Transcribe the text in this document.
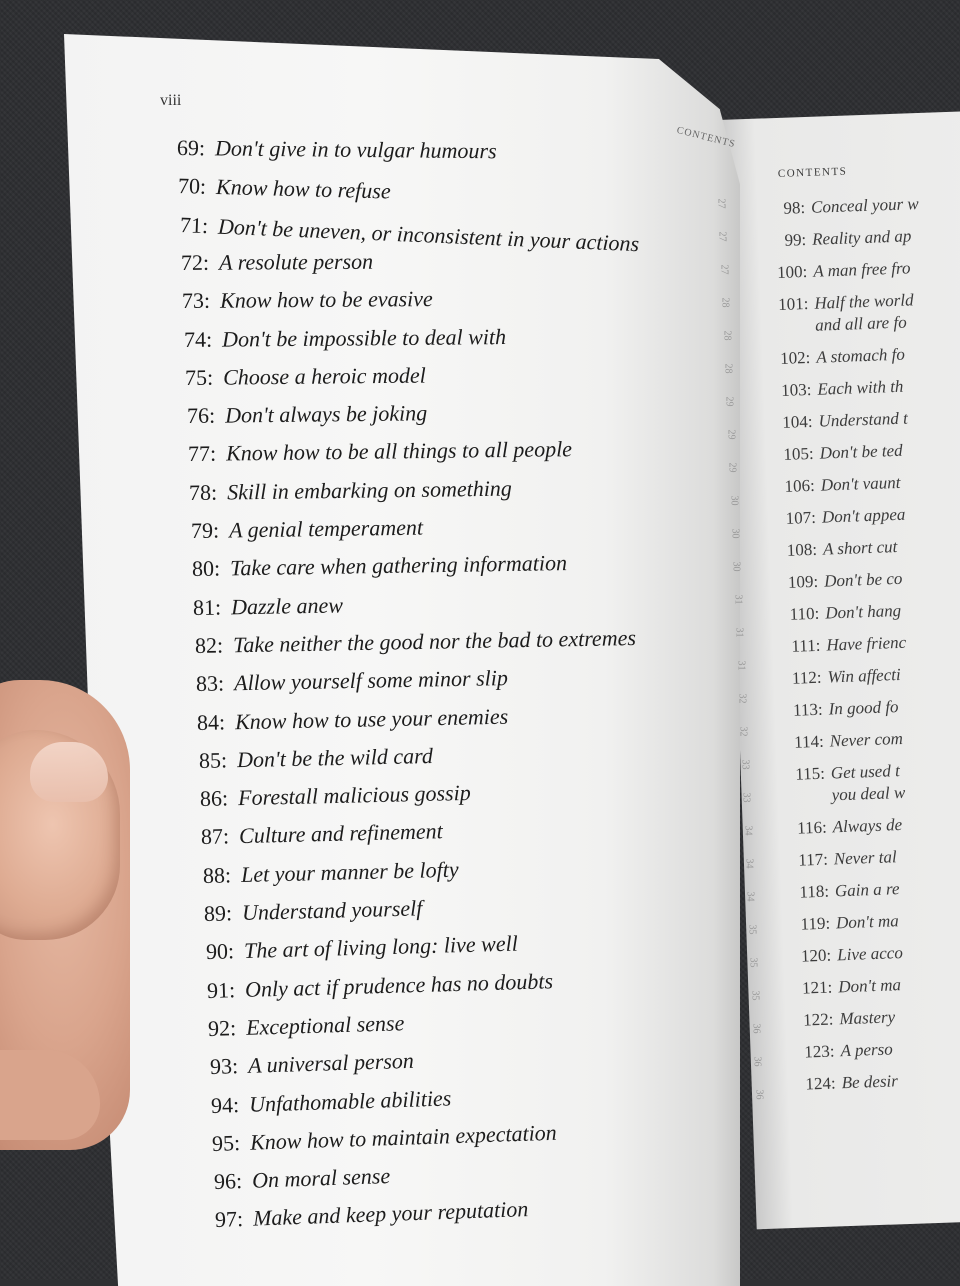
CONTENTS
98: Conceal your w
99: Reality and ap
100: A man free fro
101: Half the world
and all are fo
102: A stomach fo
103: Each with th
104: Understand t
105: Don't be ted
106: Don't vaunt
107: Don't appea
108: A short cut
109: Don't be co
110: Don't hang
111: Have frienc
112: Win affecti
113: In good fo
114: Never com
115: Get used t
you deal w
116: Always de
117: Never tal
118: Gain a re
119: Don't ma
120: Live acco
121: Don't ma
122: Mastery
123: A perso
124: Be desir
viii
CONTENTS
69: Don't give in to vulgar humours
70: Know how to refuse
71: Don't be uneven, or inconsistent in your actions
72: A resolute person
73: Know how to be evasive
74: Don't be impossible to deal with
75: Choose a heroic model
76: Don't always be joking
77: Know how to be all things to all people
78: Skill in embarking on something
79: A genial temperament
80: Take care when gathering information
81: Dazzle anew
82: Take neither the good nor the bad to extremes
83: Allow yourself some minor slip
84: Know how to use your enemies
85: Don't be the wild card
86: Forestall malicious gossip
87: Culture and refinement
88: Let your manner be lofty
89: Understand yourself
90: The art of living long: live well
91: Only act if prudence has no doubts
92: Exceptional sense
93: A universal person
94: Unfathomable abilities
95: Know how to maintain expectation
96: On moral sense
97: Make and keep your reputation
27
27
27
28
28
28
29
29
29
30
30
30
31
31
31
32
32
33
33
34
34
34
35
35
35
36
36
36
